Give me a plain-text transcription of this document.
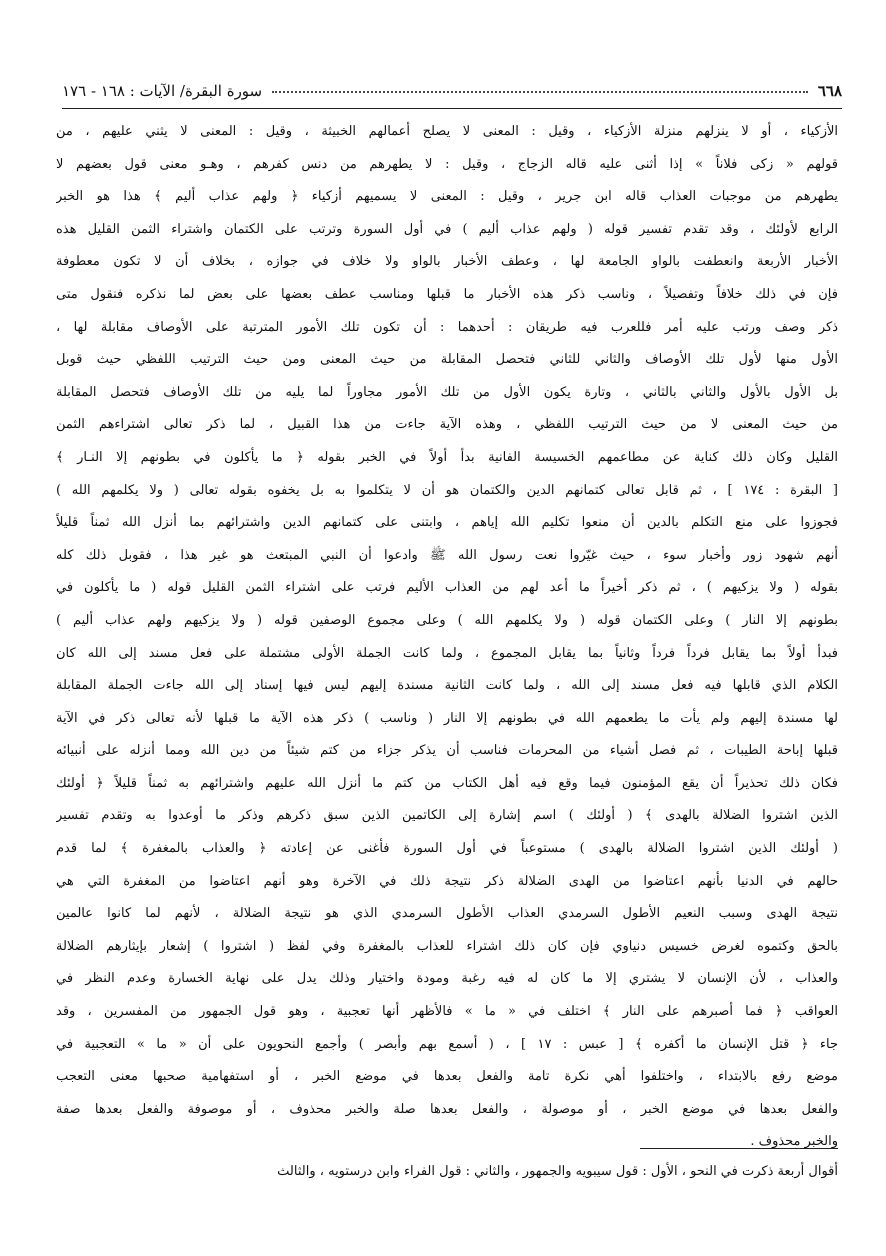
٦٦٨
سورة البقرة/ الآيات : ١٦٨ - ١٧٦
الأزكياء ، أو لا ينزلهم منزلة الأزكياء ، وقيل : المعنى لا يصلح أعمالهم الخبيثة ، وقيل : المعنى لا يثني عليهم ، من
قولهم « زكى فلاناً » إذا أثنى عليه قاله الزجاج ، وقيل : لا يطهرهم من دنس كفرهم ، وهـو معنى قول بعضهم لا
يطهرهم من موجبات العذاب قاله ابن جرير ، وقيل : المعنى لا يسميهم أزكياء ﴿ ولهم عذاب أليم ﴾ هذا هو الخبر
الرابع لأولئك ، وقد تقدم تفسير قوله ( ولهم عذاب أليم ) في أول السورة وترتب على الكتمان واشتراء الثمن القليل هذه
الأخبار الأربعة وانعطفت بالواو الجامعة لها ، وعطف الأخبار بالواو ولا خلاف في جوازه ، بخلاف أن لا تكون معطوفة
فإن في ذلك خلافاً وتفصيلاً ، وناسب ذكر هذه الأخبار ما قبلها ومناسب عطف بعضها على بعض لما نذكره فنقول متى
ذكر وصف ورتب عليه أمر فللعرب فيه طريقان : أحدهما : أن تكون تلك الأمور المترتبة على الأوصاف مقابلة لها ،
الأول منها لأول تلك الأوصاف والثاني للثاني فتحصل المقابلة من حيث المعنى ومن حيث الترتيب اللفظي حيث قوبل
بل الأول بالأول والثاني بالثاني ، وتارة يكون الأول من تلك الأمور مجاوراً لما يليه من تلك الأوصاف فتحصل المقابلة
من حيث المعنى لا من حيث الترتيب اللفظي ، وهذه الآية جاءت من هذا القبيل ، لما ذكر تعالى اشتراءهم الثمن
القليل وكان ذلك كناية عن مطاعمهم الخسيسة الفانية بدأ أولاً في الخبر بقوله ﴿ ما يأكلون في بطونهم إلا النـار ﴾
[ البقرة : ١٧٤ ] ، ثم قابل تعالى كتمانهم الدين والكتمان هو أن لا يتكلموا به بل يخفوه بقوله تعالى ( ولا يكلمهم الله )
فجوزوا على منع التكلم بالدين أن منعوا تكليم الله إياهم ، وابتنى على كتمانهم الدين واشترائهم بما أنزل الله ثمناً قليلاً
أنهم شهود زور وأخبار سوء ، حيث غيّروا نعت رسول الله ﷺ وادعوا أن النبي المبتعث هو غير هذا ، فقوبل ذلك كله
بقوله ( ولا يزكيهم ) ، ثم ذكر أخيراً ما أعد لهم من العذاب الأليم فرتب على اشتراء الثمن القليل قوله ( ما يأكلون في
بطونهم إلا النار ) وعلى الكتمان قوله ( ولا يكلمهم الله ) وعلى مجموع الوصفين قوله ( ولا يزكيهم ولهم عذاب أليم )
فبدأ أولاً بما يقابل فرداً فرداً وثانياً بما يقابل المجموع ، ولما كانت الجملة الأولى مشتملة على فعل مسند إلى الله كان
الكلام الذي قابلها فيه فعل مسند إلى الله ، ولما كانت الثانية مسندة إليهم ليس فيها إسناد إلى الله جاءت الجملة المقابلة
لها مسندة إليهم ولم يأت ما يطعمهم الله في بطونهم إلا النار ( وناسب ) ذكر هذه الآية ما قبلها لأنه تعالى ذكر في الآية
قبلها إباحة الطيبات ، ثم فصل أشياء من المحرمات فناسب أن يذكر جزاء من كتم شيئاً من دين الله ومما أنزله على أنبيائه
فكان ذلك تحذيراً أن يقع المؤمنون فيما وقع فيه أهل الكتاب من كتم ما أنزل الله عليهم واشترائهم به ثمناً قليلاً ﴿ أولئك
الذين اشتروا الضلالة بالهدى ﴾ ( أولئك ) اسم إشارة إلى الكاتمين الذين سبق ذكرهم وذكر ما أوعدوا به وتقدم تفسير
( أولئك الذين اشتروا الضلالة بالهدى ) مستوعباً في أول السورة فأغنى عن إعادته ﴿ والعذاب بالمغفرة ﴾ لما قدم
حالهم في الدنيا بأنهم اعتاضوا من الهدى الضلالة ذكر نتيجة ذلك في الآخرة وهو أنهم اعتاضوا من المغفرة التي هي
نتيجة الهدى وسبب النعيم الأطول السرمدي العذاب الأطول السرمدي الذي هو نتيجة الضلالة ، لأنهم لما كانوا عالمين
بالحق وكتموه لغرض خسيس دنياوي فإن كان ذلك اشتراء للعذاب بالمغفرة وفي لفظ ( اشتروا ) إشعار بإيثارهم الضلالة
والعذاب ، لأن الإنسان لا يشتري إلا ما كان له فيه رغبة ومودة واختيار وذلك يدل على نهاية الخسارة وعدم النظر في
العواقب ﴿ فما أصبرهم على النار ﴾ اختلف في « ما » فالأظهر أنها تعجبية ، وهو قول الجمهور من المفسرين ، وقد
جاء ﴿ قتل الإنسان ما أكفره ﴾ [ عبس : ١٧ ] ، ( أسمع بهم وأبصر ) وأجمع النحويون على أن « ما » التعجبية في
موضع رفع بالابتداء ، واختلفوا أهي نكرة تامة والفعل بعدها في موضع الخبر ، أو استفهامية صحبها معنى التعجب
والفعل بعدها في موضع الخبر ، أو موصولة ، والفعل بعدها صلة والخبر محذوف ، أو موصوفة والفعل بعدها صفة
والخبر محذوف .
أقوال أربعة ذكرت في النحو ، الأول : قول سيبويه والجمهور ، والثاني : قول الفراء وابن درستويه ، والثالث
